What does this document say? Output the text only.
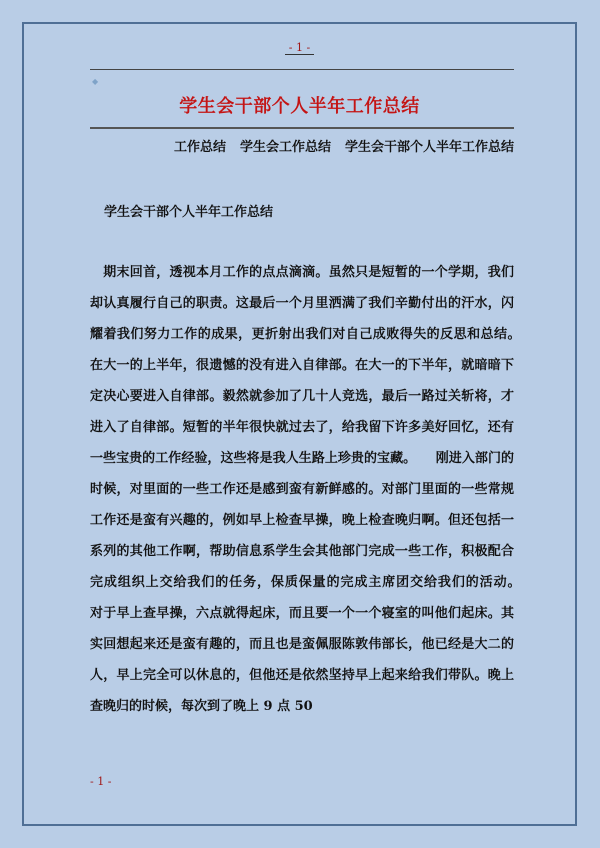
- 1 -
◆
学生会干部个人半年工作总结
工作总结 学生会工作总结 学生会干部个人半年工作总结
学生会干部个人半年工作总结

　期末回首，透视本月工作的点点滴滴。虽然只是短暂的一个学期，我们却认真履行自己的职责。这最后一个月里洒满了我们辛勤付出的汗水，闪耀着我们努力工作的成果，更折射出我们对自己成败得失的反思和总结。　　在大一的上半年，很遗憾的没有进入自律部。在大一的下半年，就暗暗下定决心要进入自律部。毅然就参加了几十人竞选，最后一路过关斩将，才进入了自律部。短暂的半年很快就过去了，给我留下许多美好回忆，还有一些宝贵的工作经验，这些将是我人生路上珍贵的宝藏。　　刚进入部门的时候，对里面的一些工作还是感到蛮有新鲜感的。对部门里面的一些常规工作还是蛮有兴趣的，例如早上检查早操，晚上检查晚归啊。但还包括一系列的其他工作啊，帮助信息系学生会其他部门完成一些工作，积极配合完成组织上交给我们的任务，保质保量的完成主席团交给我们的活动。　　对于早上查早操，六点就得起床，而且要一个一个寝室的叫他们起床。其实回想起来还是蛮有趣的，而且也是蛮佩服陈敦伟部长，他已经是大二的人，早上完全可以休息的，但他还是依然坚持早上起来给我们带队。晚上查晚归的时候，每次到了晚上 9 点 50

- 1 -
